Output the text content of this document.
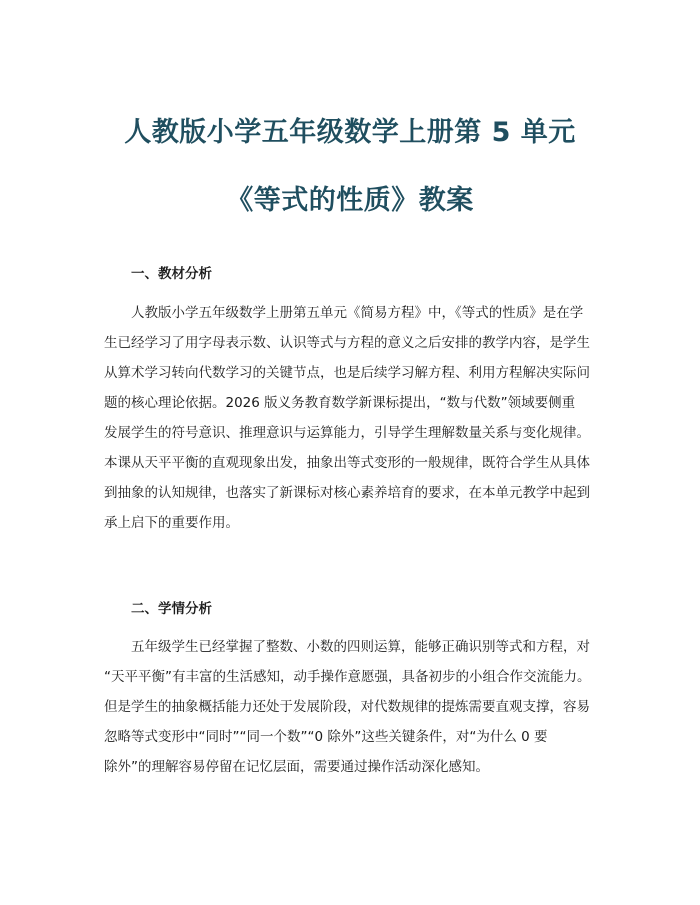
人教版小学五年级数学上册第 5 单元
《等式的性质》教案
一、教材分析
人教版小学五年级数学上册第五单元《简易方程》中，《等式的性质》是在学
生已经学习了用字母表示数、认识等式与方程的意义之后安排的教学内容，是学生
从算术学习转向代数学习的关键节点，也是后续学习解方程、利用方程解决实际问
题的核心理论依据。2026 版义务教育数学新课标提出，“数与代数”领域要侧重
发展学生的符号意识、推理意识与运算能力，引导学生理解数量关系与变化规律。
本课从天平平衡的直观现象出发，抽象出等式变形的一般规律，既符合学生从具体
到抽象的认知规律，也落实了新课标对核心素养培育的要求，在本单元教学中起到
承上启下的重要作用。
二、学情分析
五年级学生已经掌握了整数、小数的四则运算，能够正确识别等式和方程，对
“天平平衡”有丰富的生活感知，动手操作意愿强，具备初步的小组合作交流能力。
但是学生的抽象概括能力还处于发展阶段，对代数规律的提炼需要直观支撑，容易
忽略等式变形中“同时”“同一个数”“0 除外”这些关键条件，对“为什么 0 要
除外”的理解容易停留在记忆层面，需要通过操作活动深化感知。
